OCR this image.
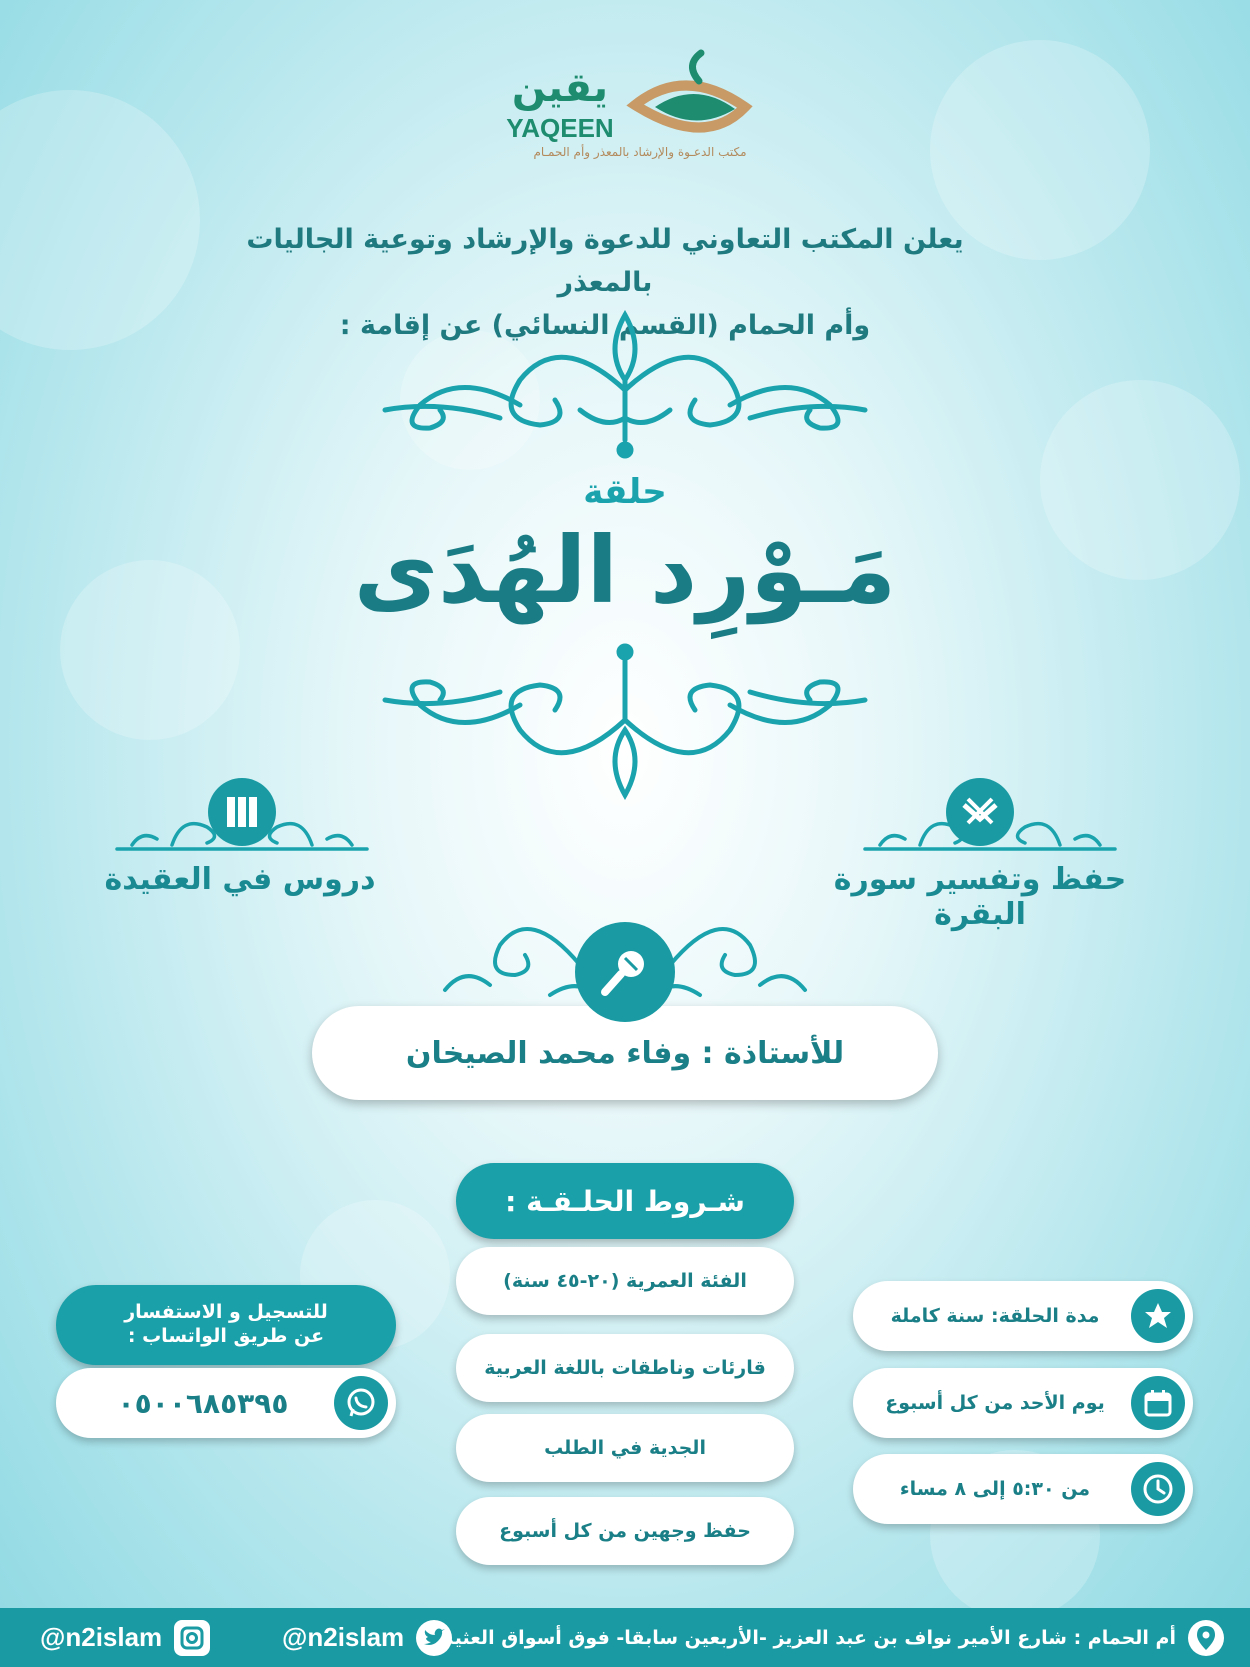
يقين
YAQEEN
مكتب الدعـوة والإرشاد بالمعذر وأم الحمـام
يعلن المكتب التعاوني للدعوة والإرشاد وتوعية الجاليات بالمعذر
وأم الحمام (القسم النسائي) عن إقامة :
حلقة
مَـوْرِد الهُدَى
حفظ وتفسير سورة البقرة
دروس في العقيدة
للأستاذة : وفاء محمد الصيخان
شـروط الحلـقـة :
الفئة العمرية (٢٠-٤٥ سنة)
قارئات وناطقات باللغة العربية
الجدية في الطلب
حفظ وجهين من كل أسبوع
مدة الحلقة: سنة كاملة
يوم الأحد من كل أسبوع
من ٥:٣٠ إلى ٨ مساء
للتسجيل و الاستفسار
عن طريق الواتساب :
٠٥٠٠٦٨٥٣٩٥
@n2islam	@n2islam أم الحمام : شارع الأمير نواف بن عبد العزيز -الأربعين سابقا- فوق أسواق العثيم
